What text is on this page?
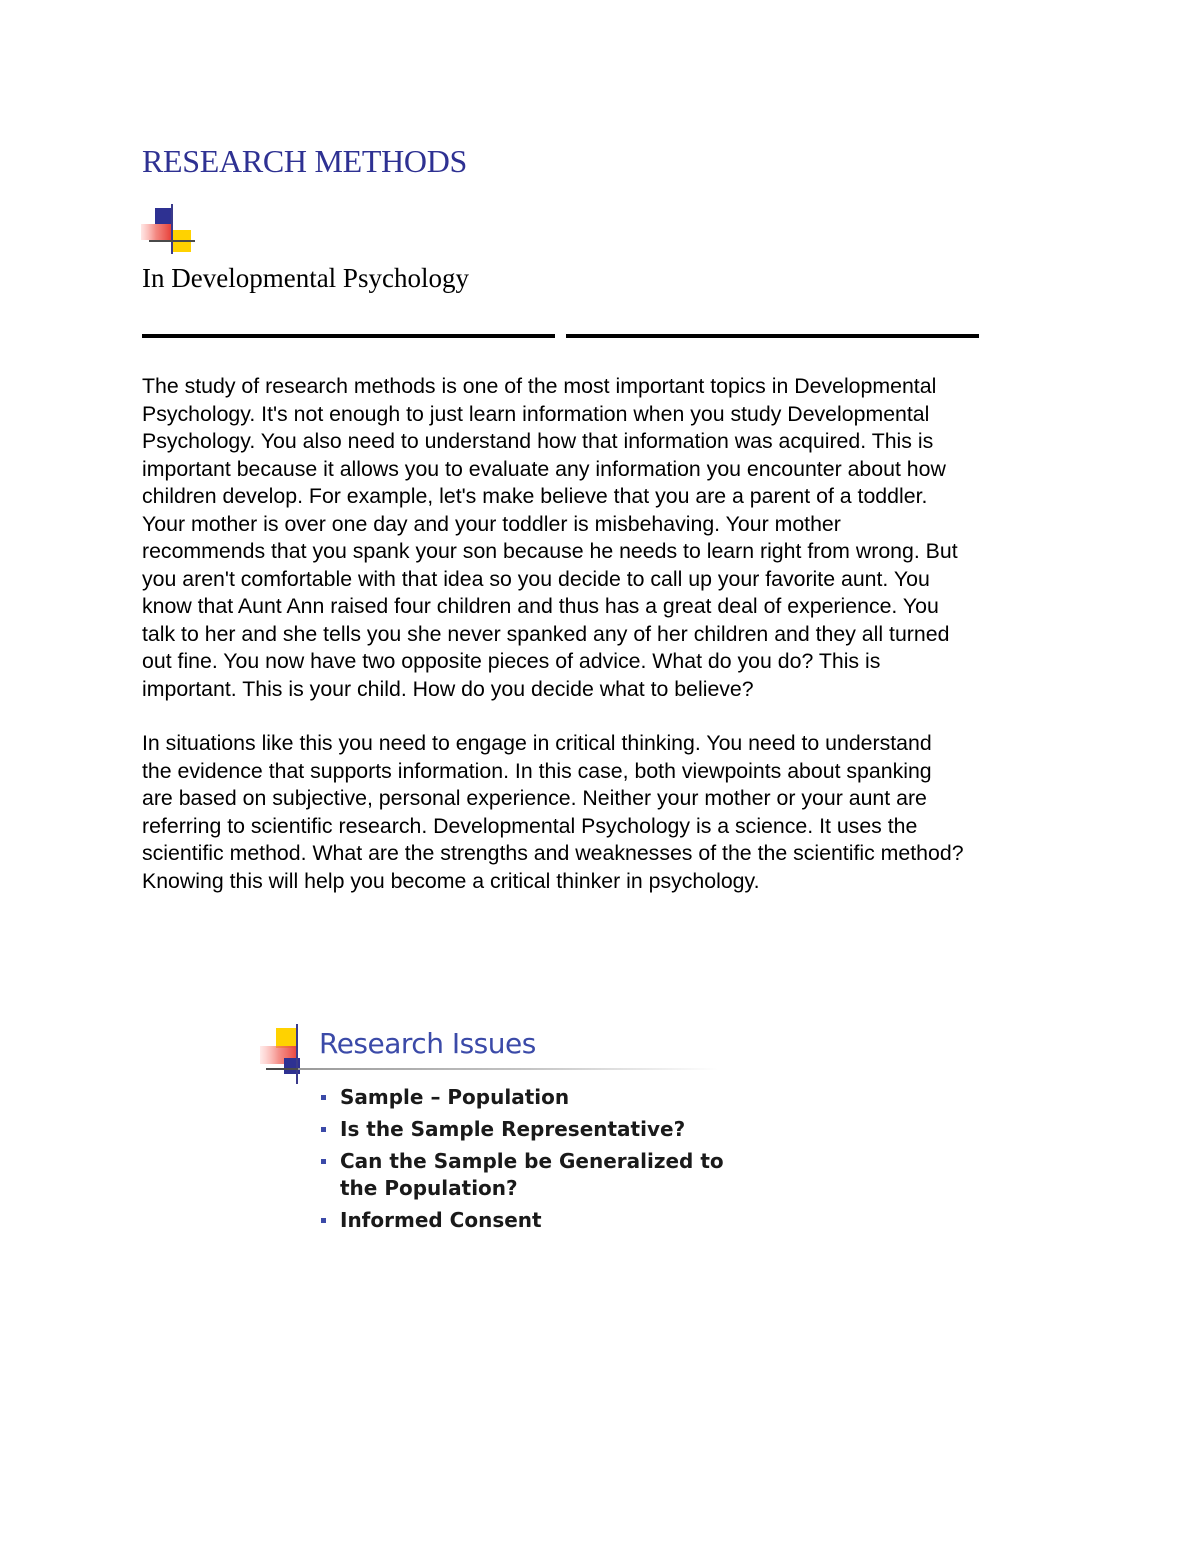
RESEARCH METHODS
In Developmental Psychology

The study of research methods is one of the most important topics in Developmental
Psychology. It's not enough to just learn information when you study Developmental
Psychology. You also need to understand how that information was acquired. This is
important because it allows you to evaluate any information you encounter about how
children develop. For example, let's make believe that you are a parent of a toddler.
Your mother is over one day and your toddler is misbehaving. Your mother
recommends that you spank your son because he needs to learn right from wrong. But
you aren't comfortable with that idea so you decide to call up your favorite aunt. You
know that Aunt Ann raised four children and thus has a great deal of experience. You
talk to her and she tells you she never spanked any of her children and they all turned
out fine. You now have two opposite pieces of advice. What do you do? This is
important. This is your child. How do you decide what to believe?

In situations like this you need to engage in critical thinking. You need to understand
the evidence that supports information. In this case, both viewpoints about spanking
are based on subjective, personal experience. Neither your mother or your aunt are
referring to scientific research. Developmental Psychology is a science. It uses the
scientific method. What are the strengths and weaknesses of the the scientific method?
Knowing this will help you become a critical thinker in psychology.

Research Issues
Sample – Population
Is the Sample Representative?
Can the Sample be Generalized to the Population?
Informed Consent
